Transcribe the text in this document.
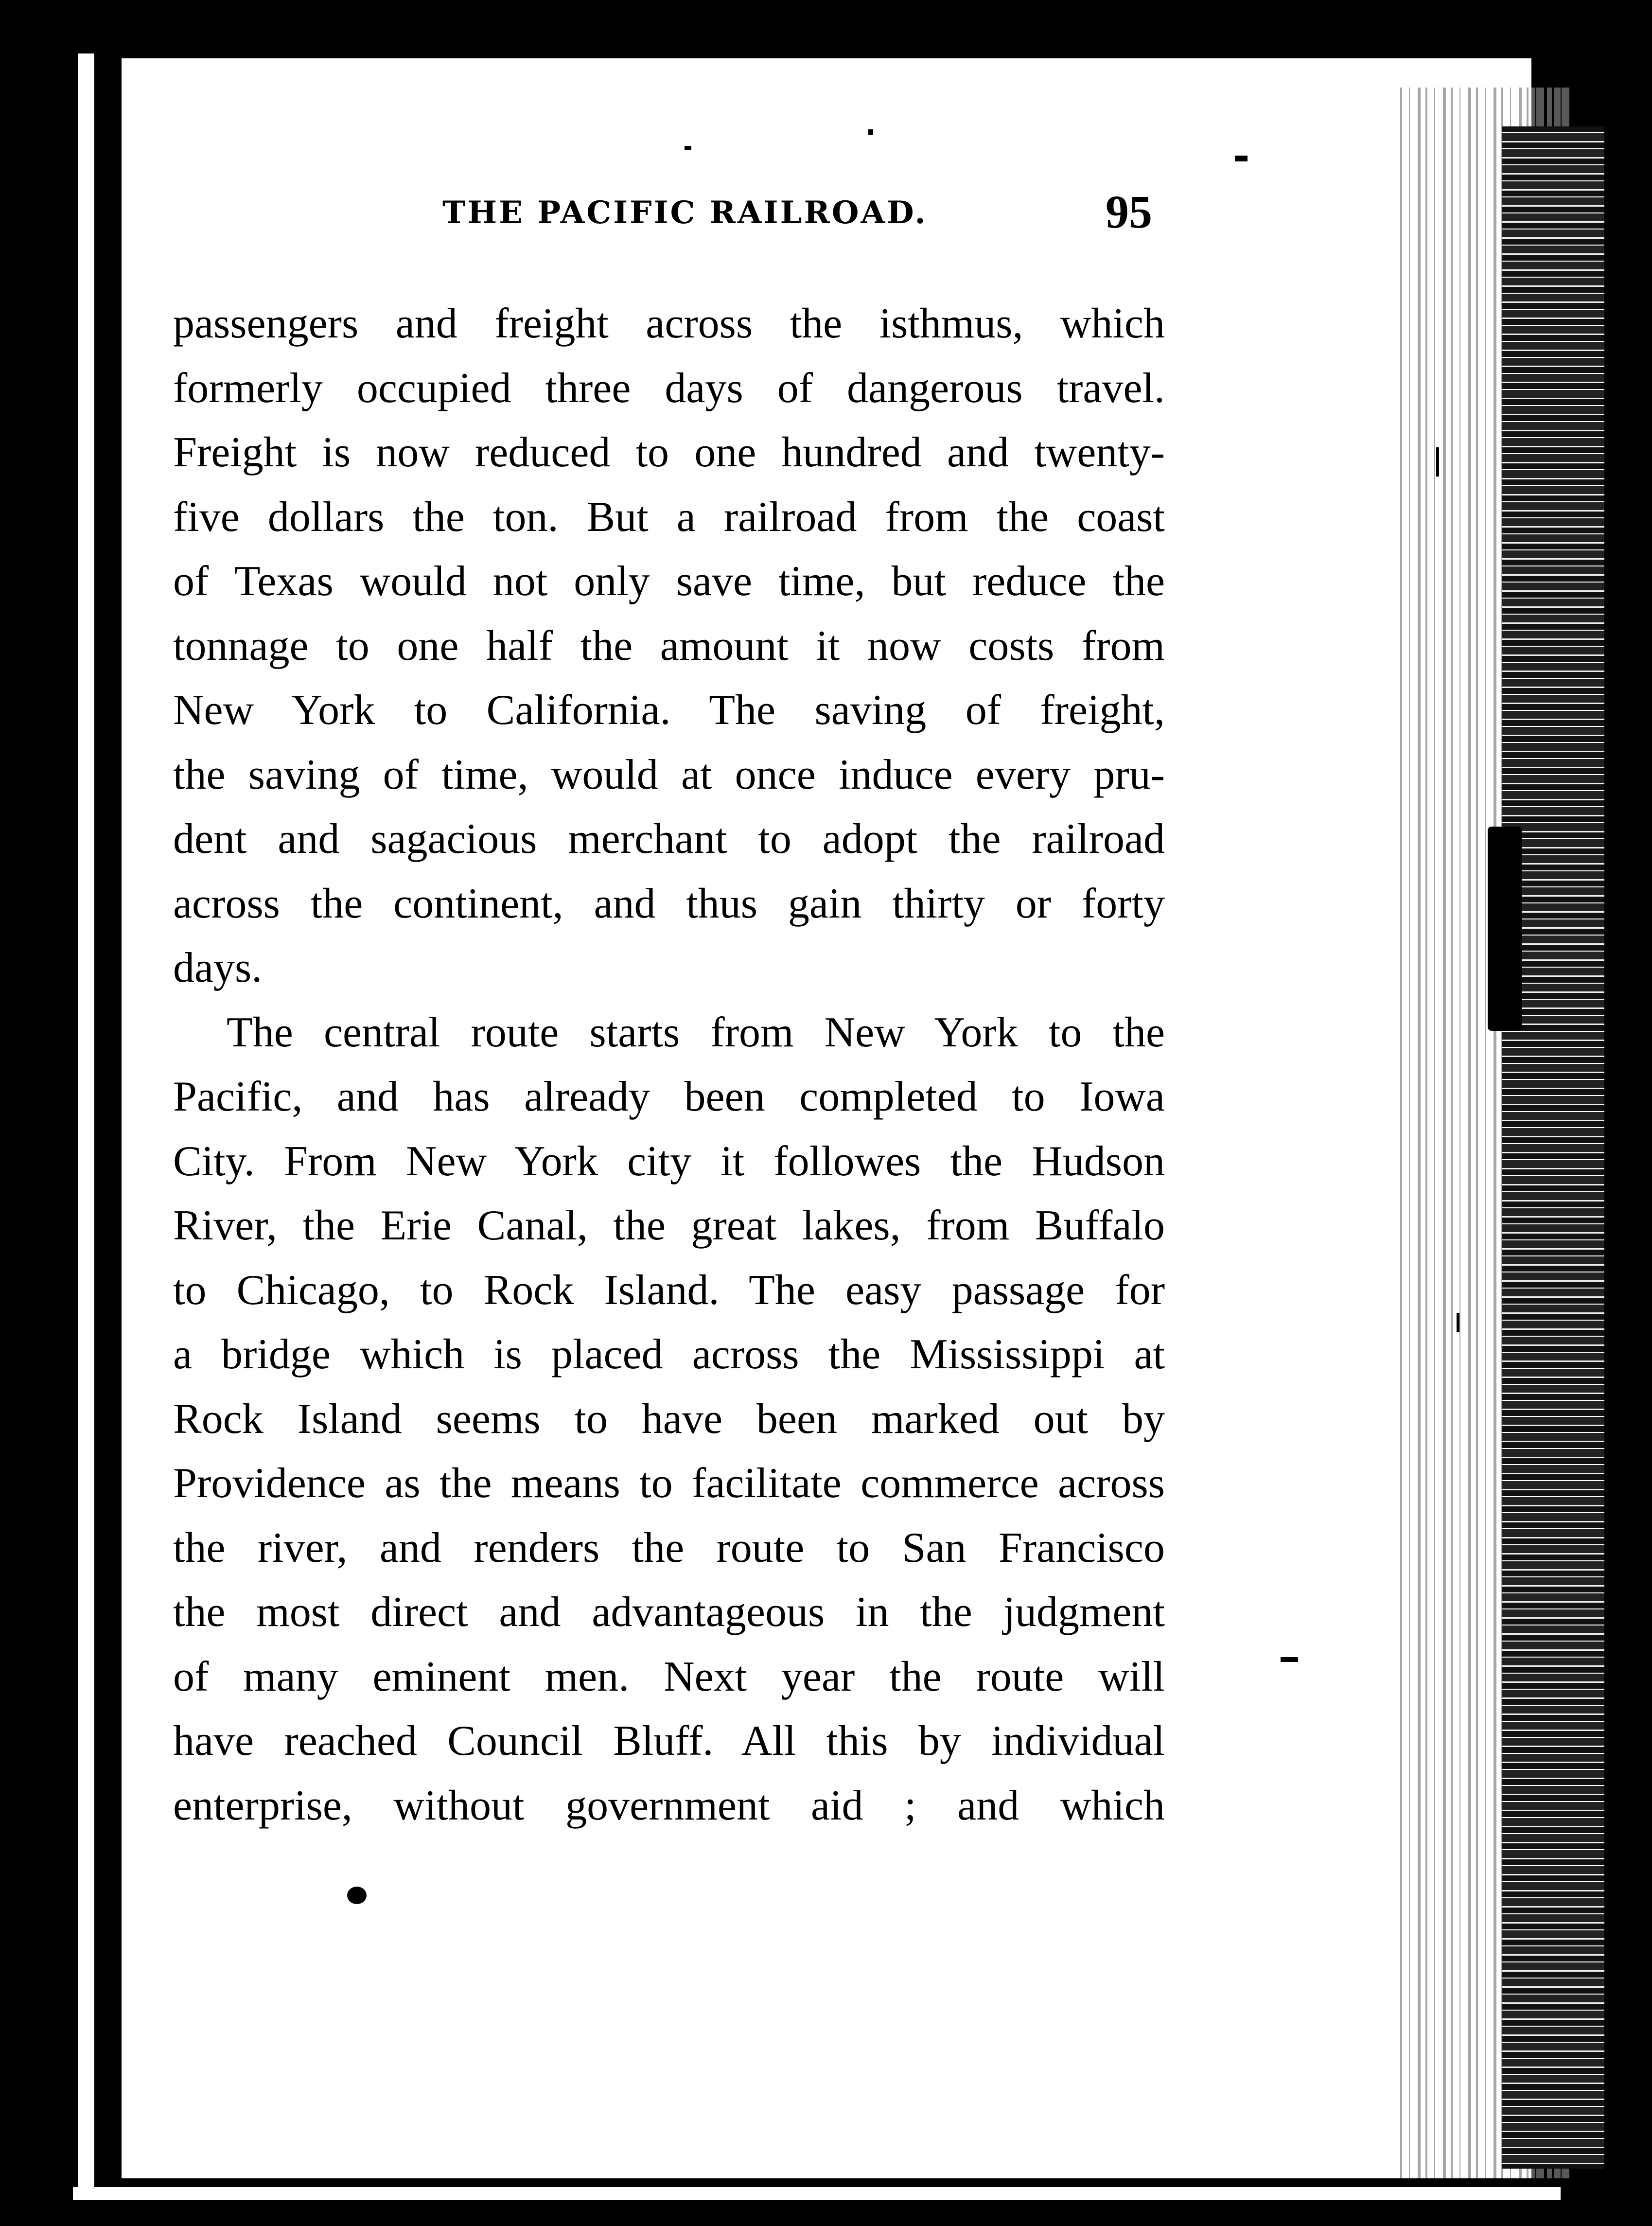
THE PACIFIC RAILROAD.	95
passengers and freight across the isthmus, which
formerly occupied three days of dangerous travel.
Freight is now reduced to one hundred and twenty-
five dollars the ton. But a railroad from the coast
of Texas would not only save time, but reduce the
tonnage to one half the amount it now costs from
New York to California. The saving of freight,
the saving of time, would at once induce every pru-
dent and sagacious merchant to adopt the railroad
across the continent, and thus gain thirty or forty
days.
The central route starts from New York to the
Pacific, and has already been completed to Iowa
City. From New York city it followes the Hudson
River, the Erie Canal, the great lakes, from Buffalo
to Chicago, to Rock Island. The easy passage for
a bridge which is placed across the Mississippi at
Rock Island seems to have been marked out by
Providence as the means to facilitate commerce across
the river, and renders the route to San Francisco
the most direct and advantageous in the judgment
of many eminent men. Next year the route will
have reached Council Bluff. All this by individual
enterprise, without government aid ; and which
